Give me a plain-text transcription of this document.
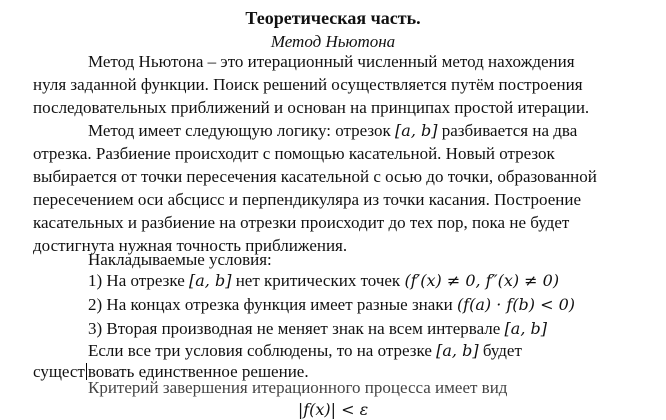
Теоретическая часть.
Метод Ньютона
Метод Ньютона – это итерационный численный метод нахождения
нуля заданной функции. Поиск решений осуществляется путём построения
последовательных приближений и основан на принципах простой итерации.
Метод имеет следующую логику: отрезок [a, b] разбивается на два
отрезка. Разбиение происходит с помощью касательной. Новый отрезок
выбирается от точки пересечения касательной с осью до точки, образованной
пересечением оси абсцисс и перпендикуляра из точки касания. Построение
касательных и разбиение на отрезки происходит до тех пор, пока не будет
достигнута нужная точность приближения.
Накладываемые условия:
1) На отрезке [a, b] нет критических точек (f′(x) ≠ 0, f″(x) ≠ 0)
2) На концах отрезка функция имеет разные знаки (f(a) · f(b) < 0)
3) Вторая производная не меняет знак на всем интервале [a, b]
Если все три условия соблюдены, то на отрезке [a, b] будет
сущест вовать единственное решение.
Критерий завершения итерационного процесса имеет вид
|f(x)| < ε
